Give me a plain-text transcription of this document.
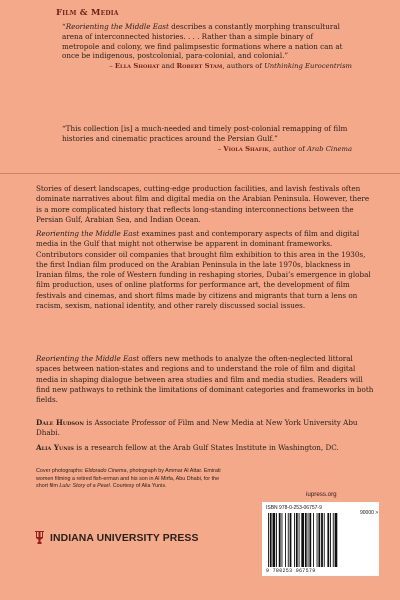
Film & Media
“Reorienting the Middle East describes a constantly morphing transcultural arena of interconnected histories. . . . Rather than a simple binary of metropole and colony, we find palimpsestic formations where a nation can at once be indigenous, postcolonial, para-colonial, and colonial.”
– Ella Shohat and Robert Stam, authors of Unthinking Eurocentrism
“This collection [is] a much-needed and timely post-colonial remapping of film histories and cinematic practices around the Persian Gulf.”
– Viola Shafik, author of Arab Cinema
Stories of desert landscapes, cutting-edge production facilities, and lavish festivals often dominate narratives about film and digital media on the Arabian Peninsula. However, there is a more complicated history that reflects long-standing interconnections between the Persian Gulf, Arabian Sea, and Indian Ocean.
Reorienting the Middle East examines past and contemporary aspects of film and digital media in the Gulf that might not otherwise be apparent in dominant frameworks. Contributors consider oil companies that brought film exhibition to this area in the 1930s, the first Indian film produced on the Arabian Peninsula in the late 1970s, blackness in Iranian films, the role of Western funding in reshaping stories, Dubai’s emergence in global film production, uses of online platforms for performance art, the development of film festivals and cinemas, and short films made by citizens and migrants that turn a lens on racism, sexism, national identity, and other rarely discussed social issues.
Reorienting the Middle East offers new methods to analyze the often-neglected littoral spaces between nation-states and regions and to understand the role of film and digital media in shaping dialogue between area studies and film and media studies. Readers will find new pathways to rethink the limitations of dominant categories and frameworks in both fields.
Dale Hudson is Associate Professor of Film and New Media at New York University Abu Dhabi.
Alia Yunis is a research fellow at the Arab Gulf States Institute in Washington, DC.
Cover photographs: Eldorado Cinema, photograph by Ammar Al Attar. Emirati women filming a retired fish-erman and his son in Al Mirfa, Abu Dhabi, for the short film Lulu: Story of a Pearl. Courtesy of Alia Yunis.
iupress.org
ISBN 978-0-253-06757-9
90000 >
9 780253 067579
INDIANA UNIVERSITY PRESS
